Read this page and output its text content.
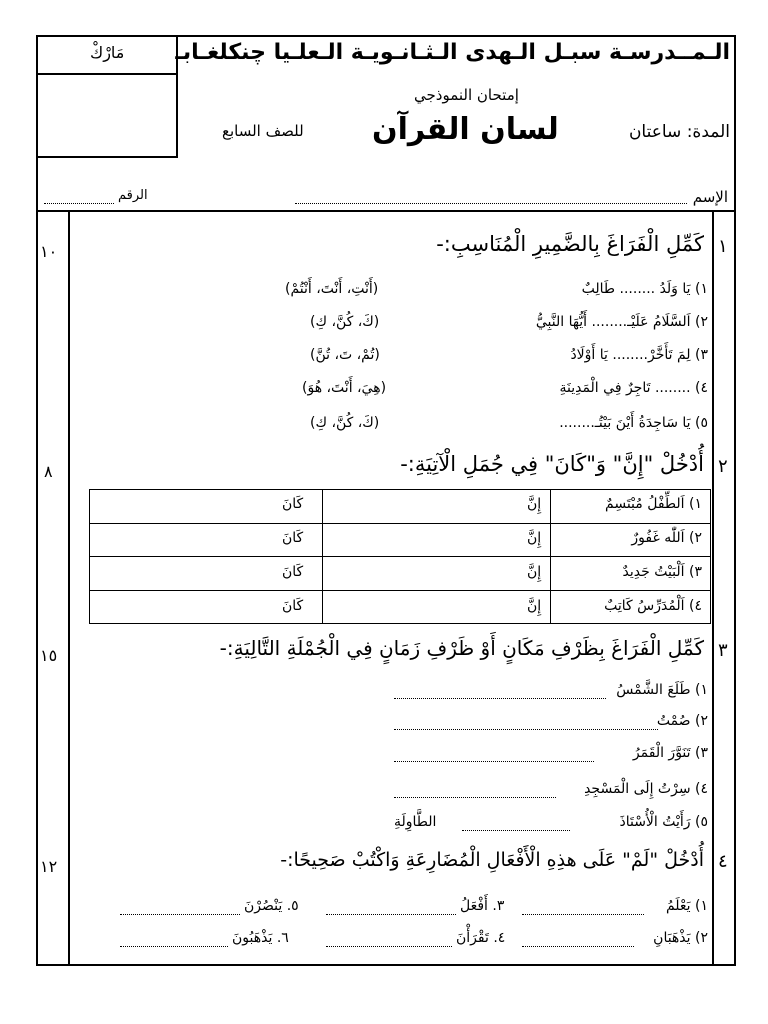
مَارْكْ الـمــدرسـة سبـل الـهدى الـثـانـويـة الـعلـيا چنكلغـابـ
إمتحان النموذجي
لسان القرآن
للصف السابع	المدة: ساعتان
الإسم
الرقم
١
١٠	كَمِّلِ الْفَرَاغَ بِالضَّمِيرِ الْمُنَاسِبِ:-
١) يَا وَلَدُ ........ طَالِبٌ
(أَنْتِ، أَنْتَ، أَنْتُمْ)
٢) اَلسَّلَامُ عَلَيْـ........ أَيُّهَا النَّبِيُّ
(كَ، كُنَّ، كِ)
٣) لِمَ تَأَخَّرْ........ يَا أَوْلَادُ
(تُمْ، تَ، تُنَّ)
٤) ........ تَاجِرٌ فِي الْمَدِينَةِ
(هِيَ، أَنْتَ، هُوَ)
٥) يَا سَاجِدَةُ أَيْنَ بَيْتُـ........
(كَ، كُنَّ، كِ)
٢
٨	أُدْخُلْ "إِنَّ" وَ"كَانَ" فِي جُمَلِ الْآتِيَةِ:-
١) اَلطِّفْلُ مُبْتَسِمٌ
إِنَّ
كَانَ
٢) اَللّٰه غَفُورٌ
إِنَّ
كَانَ
٣) اَلْبَيْتُ جَدِيدٌ
إِنَّ
كَانَ
٤) اَلْمُدَرِّسُ كَاتِبٌ
إِنَّ
كَانَ
٣
١٥	كَمِّلِ الْفَرَاغَ بِظَرْفِ مَكَانٍ أَوْ ظَرْفِ زَمَانٍ فِي الْجُمْلَةِ التَّالِيَةِ:-
١) طَلَعَ الشَّمْسُ
٢) صُمْتُ
٣) تَنَوَّرَ الْقَمَرُ
٤) سِرْتُ إِلَى الْمَسْجِدِ
٥) رَأَيْتُ الْأُسْتَاذَ
الطَّاوِلَةِ
٤
١٢	أُدْخُلْ "لَمْ" عَلَى هذِهِ الْأَفْعَالِ الْمُضَارِعَةِ وَاكْتُبْ صَحِيحًا:-
١) يَعْلَمُ
٣. أَفْعَلُ
٥. يَنْصُرْنَ
٢) يَذْهَبَانِ
٤. تَقْرَأْنَ
٦. يَذْهَبُونَ
